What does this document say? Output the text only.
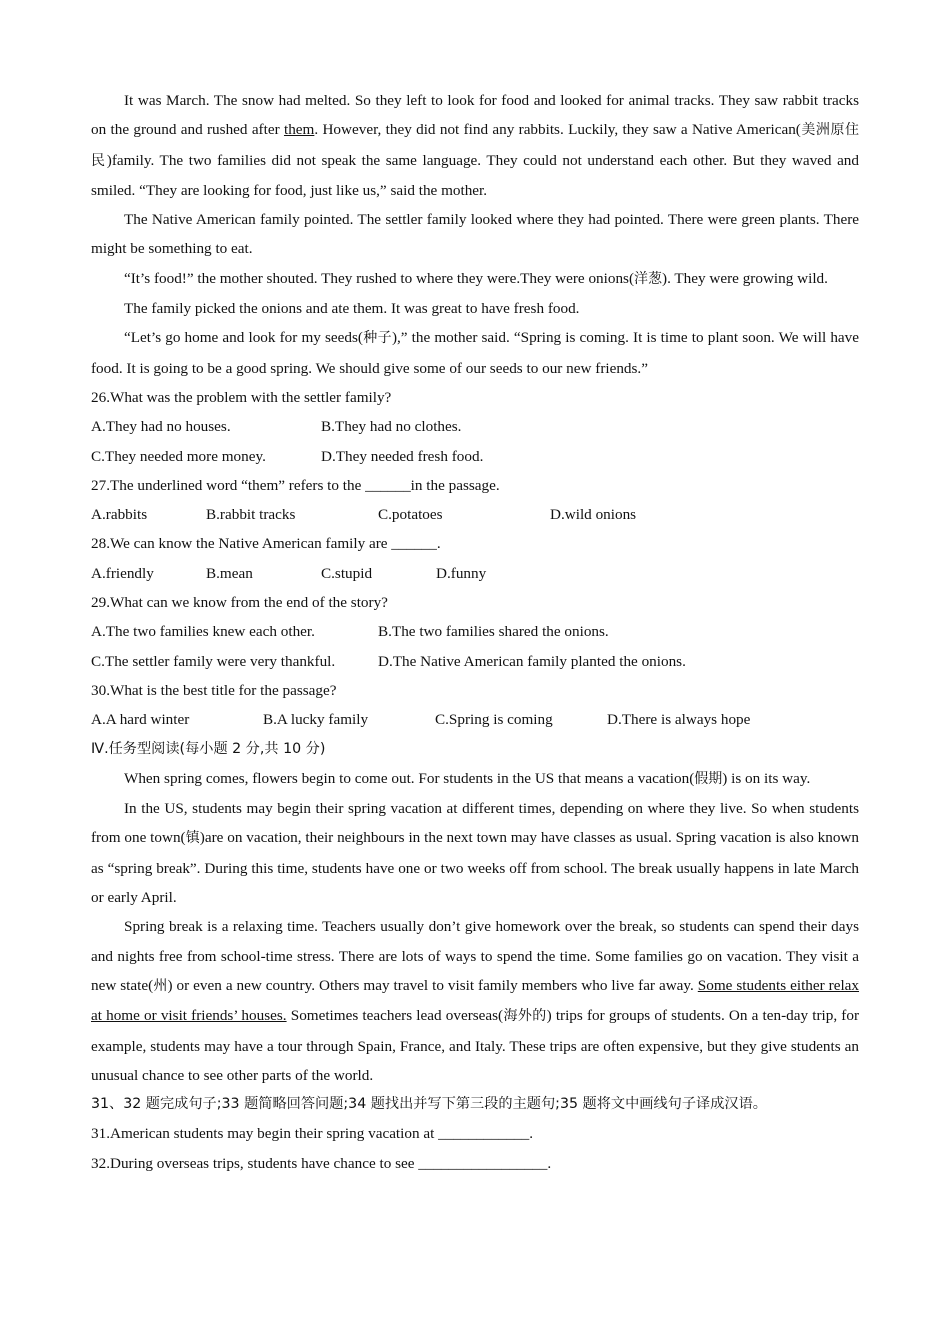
It was March. The snow had melted. So they left to look for food and looked for animal tracks. They saw rabbit tracks on the ground and rushed after them. However, they did not find any rabbits. Luckily, they saw a Native American(美洲原住民)family. The two families did not speak the same language. They could not understand each other. But they waved and smiled. “They are looking for food, just like us,” said the mother.

The Native American family pointed. The settler family looked where they had pointed. There were green plants. There might be something to eat.

“It’s food!” the mother shouted. They rushed to where they were.They were onions(洋葱). They were growing wild.

The family picked the onions and ate them. It was great to have fresh food.

“Let’s go home and look for my seeds(种子),” the mother said. “Spring is coming. It is time to plant soon. We will have food. It is going to be a good spring. We should give some of our seeds to our new friends.”

26.What was the problem with the settler family?

A.They had no houses.	B.They had no clothes.
C.They needed more money.	D.They needed fresh food.

27.The underlined word “them” refers to the ______in the passage.

A.rabbits	B.rabbit tracks	C.potatoes	D.wild onions

28.We can know the Native American family are ______.

A.friendly	B.mean	C.stupid	D.funny

29.What can we know from the end of the story?

A.The two families knew each other.	B.The two families shared the onions.
C.The settler family were very thankful.	D.The Native American family planted the onions.

30.What is the best title for the passage?

A.A hard winter	B.A lucky family	C.Spring is coming	D.There is always hope

Ⅳ.任务型阅读(每小题 2 分,共 10 分)

When spring comes, flowers begin to come out. For students in the US that means a vacation(假期) is on its way.

In the US, students may begin their spring vacation at different times, depending on where they live. So when students from one town(镇)are on vacation, their neighbours in the next town may have classes as usual. Spring vacation is also known as “spring break”. During this time, students have one or two weeks off from school. The break usually happens in late March or early April.

Spring break is a relaxing time. Teachers usually don’t give homework over the break, so students can spend their days and nights free from school-time stress. There are lots of ways to spend the time. Some families go on vacation. They visit a new state(州) or even a new country. Others may travel to visit family members who live far away. Some students either relax at home or visit friends’ houses. Sometimes teachers lead overseas(海外的) trips for groups of students. On a ten-day trip, for example, students may have a tour through Spain, France, and Italy. These trips are often expensive, but they give students an unusual chance to see other parts of the world.

31、32 题完成句子;33 题简略回答问题;34 题找出并写下第三段的主题句;35 题将文中画线句子译成汉语。

31.American students may begin their spring vacation at ____________.

32.During overseas trips, students have chance to see _________________.
